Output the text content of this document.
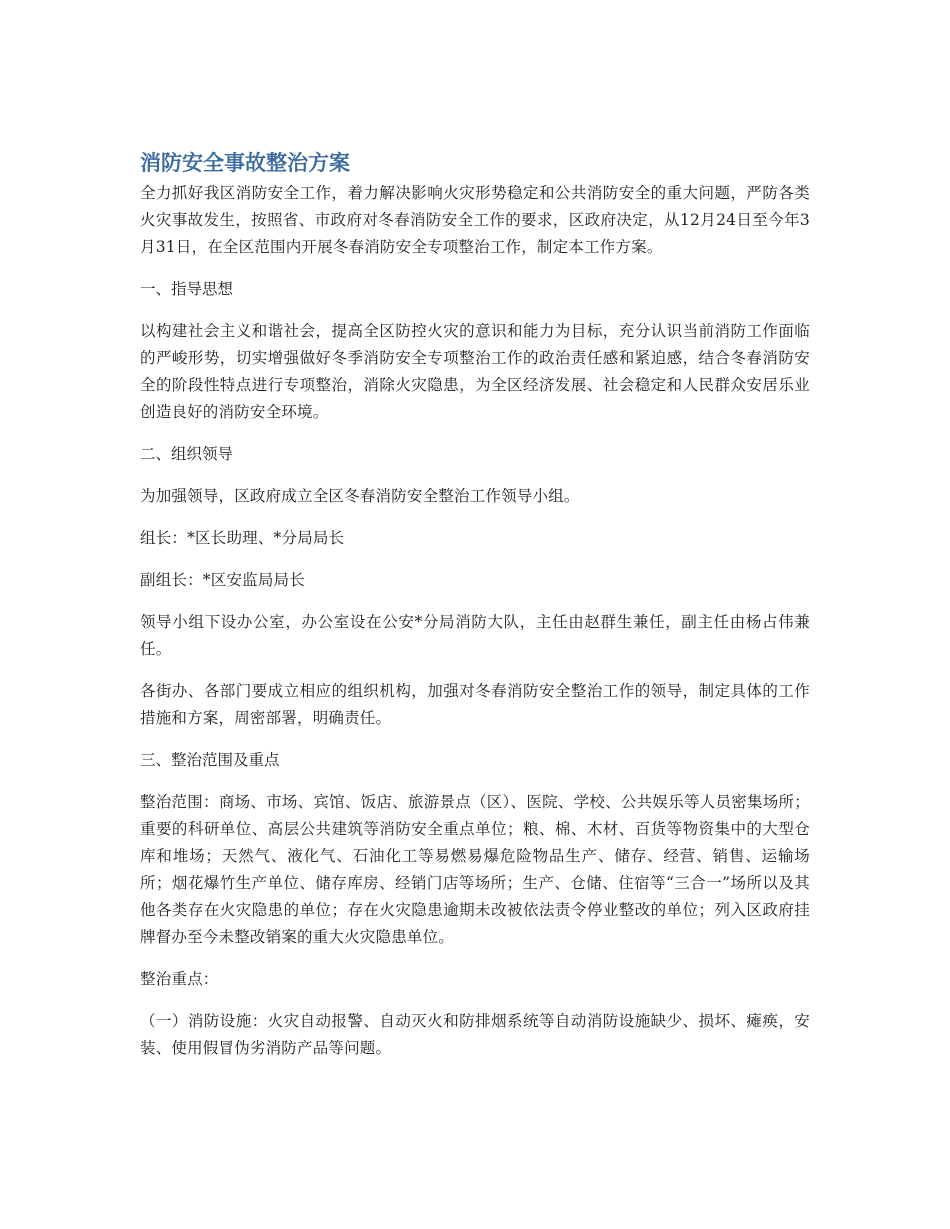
消防安全事故整治方案

全力抓好我区消防安全工作，着力解决影响火灾形势稳定和公共消防安全的重大问题，严防各类火灾事故发生，按照省、市政府对冬春消防安全工作的要求，区政府决定，从12月24日至今年3月31日，在全区范围内开展冬春消防安全专项整治工作，制定本工作方案。

一、指导思想

以构建社会主义和谐社会，提高全区防控火灾的意识和能力为目标，充分认识当前消防工作面临的严峻形势，切实增强做好冬季消防安全专项整治工作的政治责任感和紧迫感，结合冬春消防安全的阶段性特点进行专项整治，消除火灾隐患，为全区经济发展、社会稳定和人民群众安居乐业创造良好的消防安全环境。

二、组织领导

为加强领导，区政府成立全区冬春消防安全整治工作领导小组。

组长：*区长助理、*分局局长

副组长：*区安监局局长

领导小组下设办公室，办公室设在公安*分局消防大队，主任由赵群生兼任，副主任由杨占伟兼任。

各街办、各部门要成立相应的组织机构，加强对冬春消防安全整治工作的领导，制定具体的工作措施和方案，周密部署，明确责任。

三、整治范围及重点

整治范围：商场、市场、宾馆、饭店、旅游景点（区）、医院、学校、公共娱乐等人员密集场所；重要的科研单位、高层公共建筑等消防安全重点单位；粮、棉、木材、百货等物资集中的大型仓库和堆场；天然气、液化气、石油化工等易燃易爆危险物品生产、储存、经营、销售、运输场所；烟花爆竹生产单位、储存库房、经销门店等场所；生产、仓储、住宿等“三合一”场所以及其他各类存在火灾隐患的单位；存在火灾隐患逾期未改被依法责令停业整改的单位；列入区政府挂牌督办至今未整改销案的重大火灾隐患单位。

整治重点：

（一）消防设施：火灾自动报警、自动灭火和防排烟系统等自动消防设施缺少、损坏、瘫痪，安装、使用假冒伪劣消防产品等问题。
